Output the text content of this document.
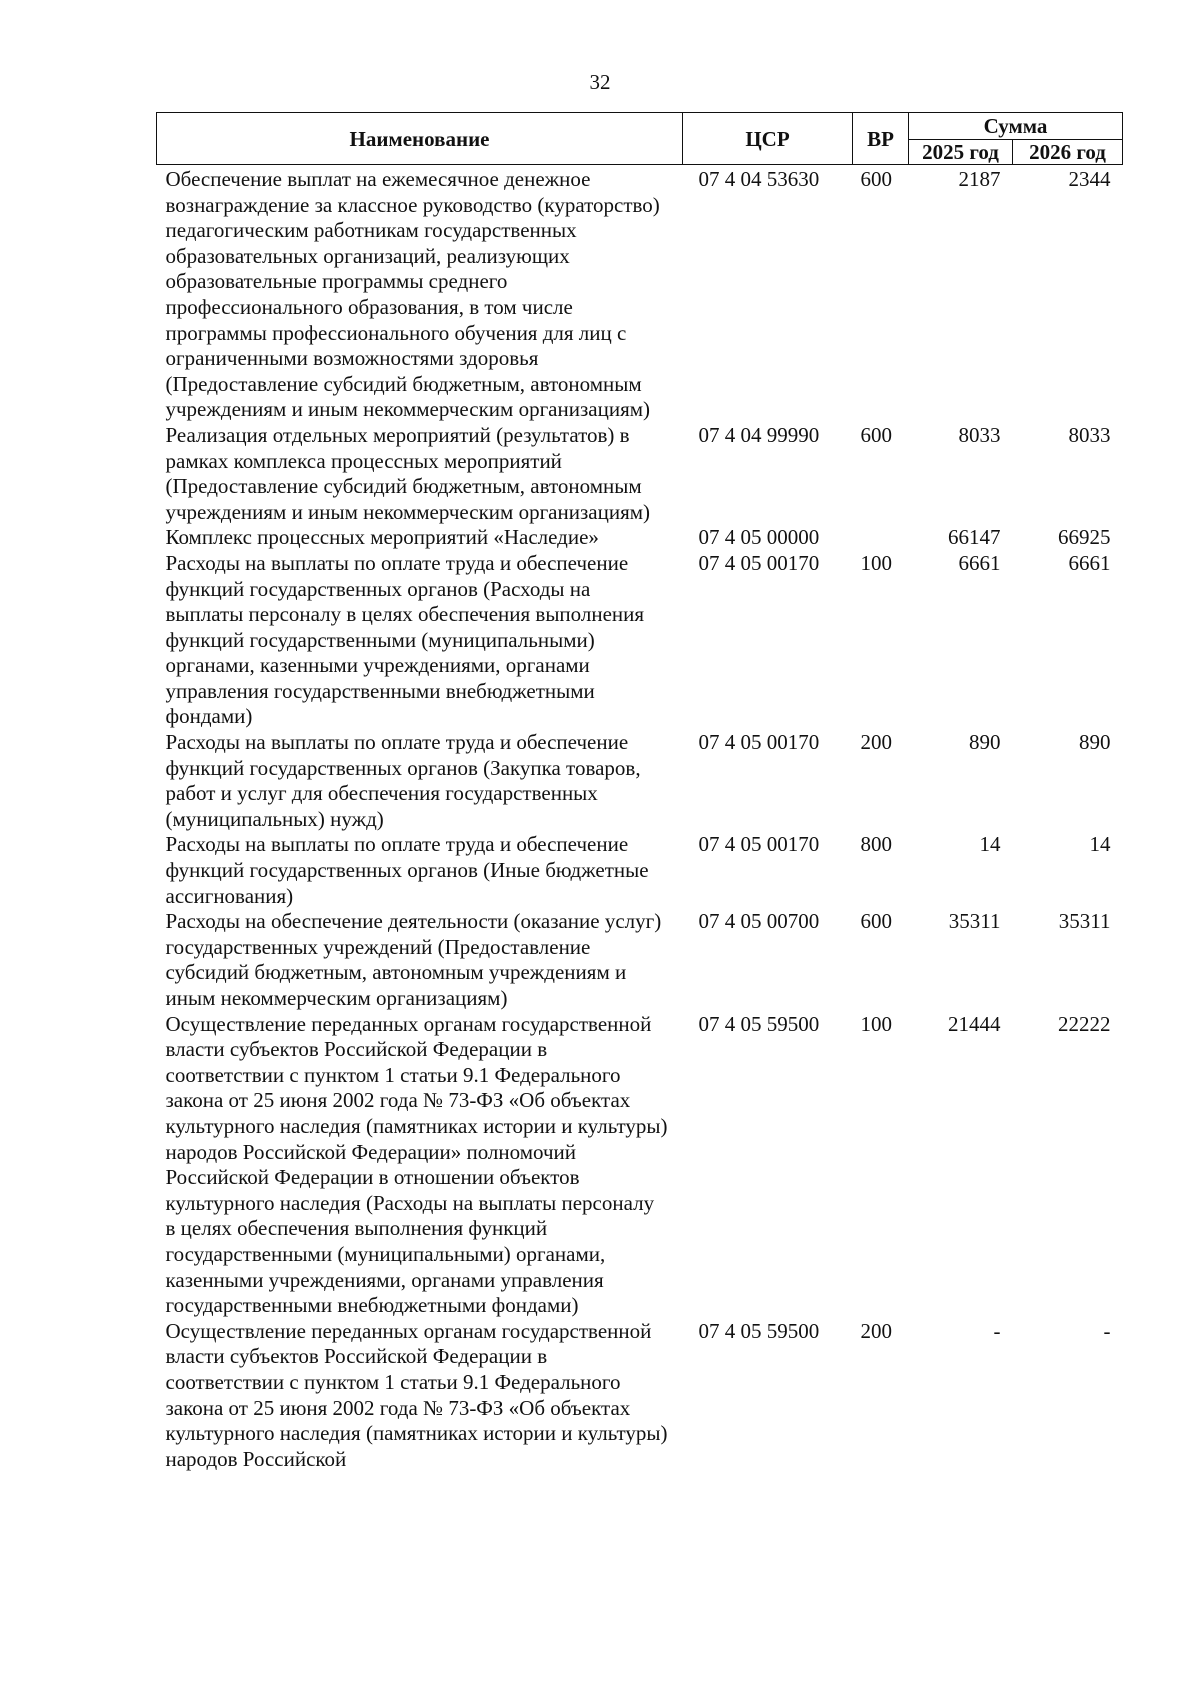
32
Наименование	ЦСР	ВР	Сумма	
			2025 год	2026 год
Обеспечение выплат на ежемесячное денежное вознаграждение за классное руководство (кураторство) педагогическим работникам государственных образовательных организаций, реализующих образовательные программы среднего профессионального образования, в том числе программы профессионального обучения для лиц с ограниченными возможностями здоровья (Предоставление субсидий бюджетным, автономным учреждениям и иным некоммерческим организациям)	07 4 04 53630	600	2187	2344
Реализация отдельных мероприятий (результатов) в рамках комплекса процессных мероприятий (Предоставление субсидий бюджетным, автономным учреждениям и иным некоммерческим организациям)	07 4 04 99990	600	8033	8033
Комплекс процессных мероприятий «Наследие»	07 4 05 00000		66147	66925
Расходы на выплаты по оплате труда и обеспечение функций государственных органов (Расходы на выплаты персоналу в целях обеспечения выполнения функций государственными (муниципальными) органами, казенными учреждениями, органами управления государственными внебюджетными фондами)	07 4 05 00170	100	6661	6661
Расходы на выплаты по оплате труда и обеспечение функций государственных органов (Закупка товаров, работ и услуг для обеспечения государственных (муниципальных) нужд)	07 4 05 00170	200	890	890
Расходы на выплаты по оплате труда и обеспечение функций государственных органов (Иные бюджетные ассигнования)	07 4 05 00170	800	14	14
Расходы на обеспечение деятельности (оказание услуг) государственных учреждений (Предоставление субсидий бюджетным, автономным учреждениям и иным некоммерческим организациям)	07 4 05 00700	600	35311	35311
Осуществление переданных органам государственной власти субъектов Российской Федерации в соответствии с пунктом 1 статьи 9.1 Федерального закона от 25 июня 2002 года № 73-ФЗ «Об объектах культурного наследия (памятниках истории и культуры) народов Российской Федерации» полномочий Российской Федерации в отношении объектов культурного наследия (Расходы на выплаты персоналу в целях обеспечения выполнения функций государственными (муниципальными) органами, казенными учреждениями, органами управления государственными внебюджетными фондами)	07 4 05 59500	100	21444	22222
Осуществление переданных органам государственной власти субъектов Российской Федерации в соответствии с пунктом 1 статьи 9.1 Федерального закона от 25 июня 2002 года № 73-ФЗ «Об объектах культурного наследия (памятниках истории и культуры) народов Российской	07 4 05 59500	200	-	-
